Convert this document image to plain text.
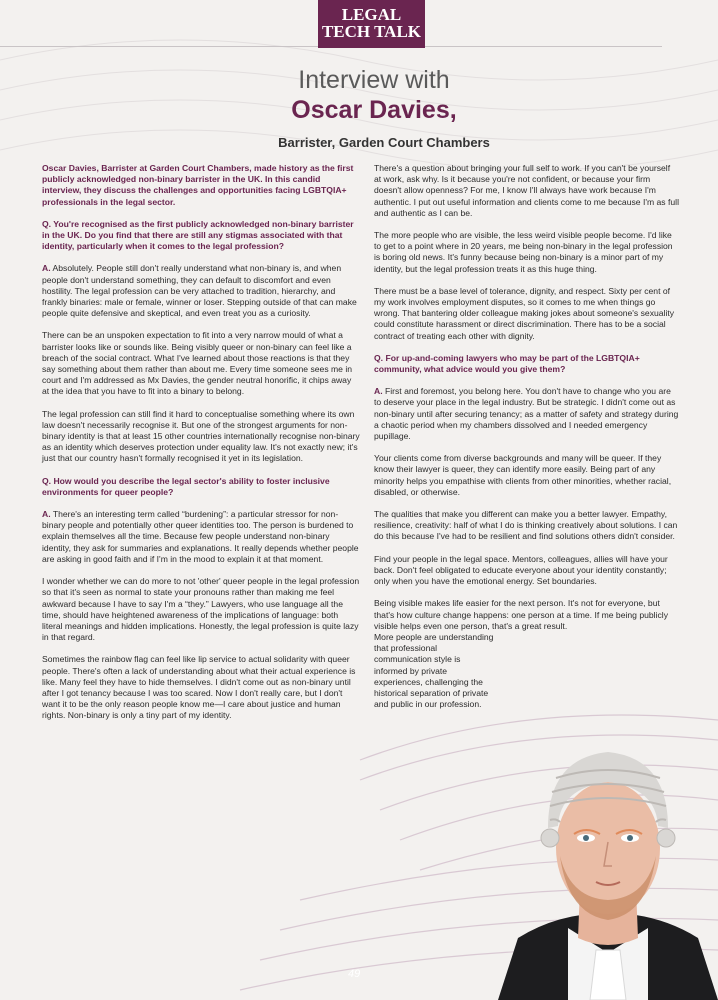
LEGAL
TECH TALK
Interview with
Oscar Davies,
Barrister, Garden Court Chambers

Oscar Davies, Barrister at Garden Court Chambers, made history as the first publicly acknowledged non-binary barrister in the UK. In this candid interview, they discuss the challenges and opportunities facing LGBTQIA+ professionals in the legal sector.

Q. You're recognised as the first publicly acknowledged non-binary barrister in the UK. Do you find that there are still any stigmas associated with that identity, particularly when it comes to the legal profession?

A. Absolutely. People still don't really understand what non-binary is, and when people don't understand something, they can default to discomfort and even hostility. The legal profession can be very attached to tradition, hierarchy, and frankly binaries: male or female, winner or loser. Stepping outside of that can make people quite defensive and skeptical, and even treat you as a curiosity.

There can be an unspoken expectation to fit into a very narrow mould of what a barrister looks like or sounds like. Being visibly queer or non-binary can feel like a breach of the social contract. What I've learned about those reactions is that they say something about them rather than about me. Every time someone sees me in court and I'm addressed as Mx Davies, the gender neutral honorific, it chips away at the idea that you have to fit into a binary to belong.

The legal profession can still find it hard to conceptualise something where its own law doesn't necessarily recognise it. But one of the strongest arguments for non-binary identity is that at least 15 other countries internationally recognise non-binary as an identity which deserves protection under equality law. It's not exactly new; it's just that our country hasn't formally recognised it yet in its legislation.

Q. How would you describe the legal sector's ability to foster inclusive environments for queer people?

A. There's an interesting term called “burdening”: a particular stressor for non-binary people and potentially other queer identities too. The person is burdened to explain themselves all the time. Because few people understand non-binary identity, they ask for summaries and explanations. It really depends whether people are asking in good faith and if I'm in the mood to explain it at that moment.

I wonder whether we can do more to not 'other' queer people in the legal profession so that it's seen as normal to state your pronouns rather than making me feel awkward because I have to say I'm a “they.” Lawyers, who use language all the time, should have heightened awareness of the implications of language: both literal meanings and hidden implications. Honestly, the legal profession is quite lazy in that regard.

Sometimes the rainbow flag can feel like lip service to actual solidarity with queer people. There's often a lack of understanding about what their actual experience is like. Many feel they have to hide themselves. I didn't come out as non-binary until after I got tenancy because I was too scared. Now I don't really care, but I don't want it to be the only reason people know me—I care about justice and human rights. Non-binary is only a tiny part of my identity.

There's a question about bringing your full self to work. If you can't be yourself at work, ask why. Is it because you're not confident, or because your firm doesn't allow openness? For me, I know I'll always have work because I'm authentic. I put out useful information and clients come to me because I'm as full and authentic as I can be.

The more people who are visible, the less weird visible people become. I'd like to get to a point where in 20 years, me being non-binary in the legal profession is boring old news. It's funny because being non-binary is a minor part of my identity, but the legal profession treats it as this huge thing.

There must be a base level of tolerance, dignity, and respect. Sixty per cent of my work involves employment disputes, so it comes to me when things go wrong. That bantering older colleague making jokes about someone's sexuality could constitute harassment or direct discrimination. There has to be a social contract of treating each other with dignity.

Q. For up-and-coming lawyers who may be part of the LGBTQIA+ community, what advice would you give them?

A. First and foremost, you belong here. You don't have to change who you are to deserve your place in the legal industry. But be strategic. I didn't come out as non-binary until after securing tenancy; as a matter of safety and strategy during a chaotic period when my chambers dissolved and I needed emergency pupillage.

Your clients come from diverse backgrounds and many will be queer. If they know their lawyer is queer, they can identify more easily. Being part of any minority helps you empathise with clients from other minorities, whether racial, disabled, or otherwise.

The qualities that make you different can make you a better lawyer. Empathy, resilience, creativity: half of what I do is thinking creatively about solutions. I can do this because I've had to be resilient and find solutions others didn't consider.

Find your people in the legal space. Mentors, colleagues, allies will have your back. Don't feel obligated to educate everyone about your identity constantly; only when you have the emotional energy. Set boundaries.

Being visible makes life easier for the next person. It's not for everyone, but that's how culture change happens: one person at a time. If me being publicly visible helps even one person, that's a great result.

More people are understanding that professional communication style is informed by private experiences, challenging the historical separation of private and public in our profession.

49
